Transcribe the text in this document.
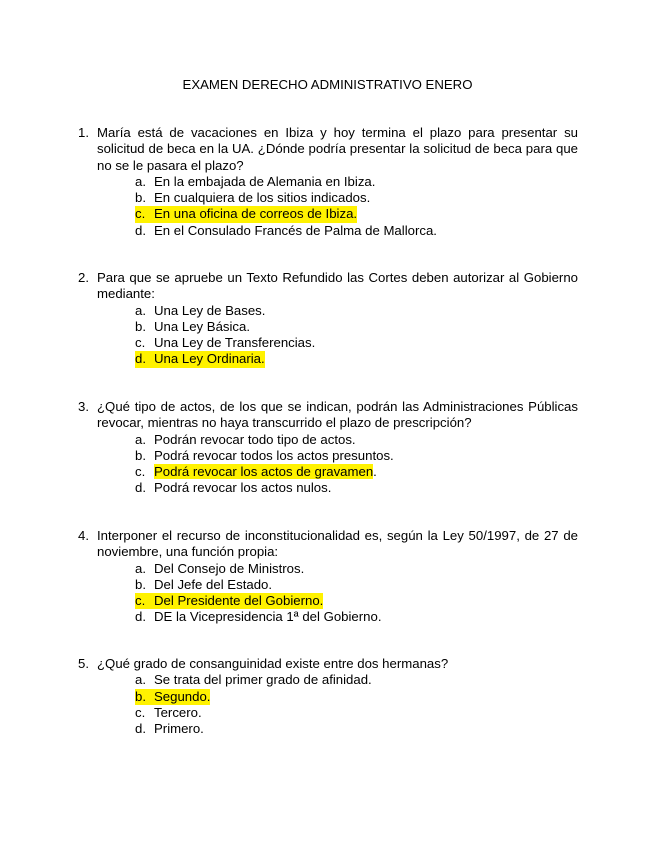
EXAMEN DERECHO ADMINISTRATIVO ENERO
1. María está de vacaciones en Ibiza y hoy termina el plazo para presentar su solicitud de beca en la UA. ¿Dónde podría presentar la solicitud de beca para que no se le pasara el plazo?
a. En la embajada de Alemania en Ibiza.
b. En cualquiera de los sitios indicados.
c. En una oficina de correos de Ibiza.
d. En el Consulado Francés de Palma de Mallorca.
2. Para que se apruebe un Texto Refundido las Cortes deben autorizar al Gobierno mediante:
a. Una Ley de Bases.
b. Una Ley Básica.
c. Una Ley de Transferencias.
d. Una Ley Ordinaria.
3. ¿Qué tipo de actos, de los que se indican, podrán las Administraciones Públicas revocar, mientras no haya transcurrido el plazo de prescripción?
a. Podrán revocar todo tipo de actos.
b. Podrá revocar todos los actos presuntos.
c. Podrá revocar los actos de gravamen.
d. Podrá revocar los actos nulos.
4. Interponer el recurso de inconstitucionalidad es, según la Ley 50/1997, de 27 de noviembre, una función propia:
a. Del Consejo de Ministros.
b. Del Jefe del Estado.
c. Del Presidente del Gobierno.
d. DE la Vicepresidencia 1ª del Gobierno.
5. ¿Qué grado de consanguinidad existe entre dos hermanas?
a. Se trata del primer grado de afinidad.
b. Segundo.
c. Tercero.
d. Primero.
